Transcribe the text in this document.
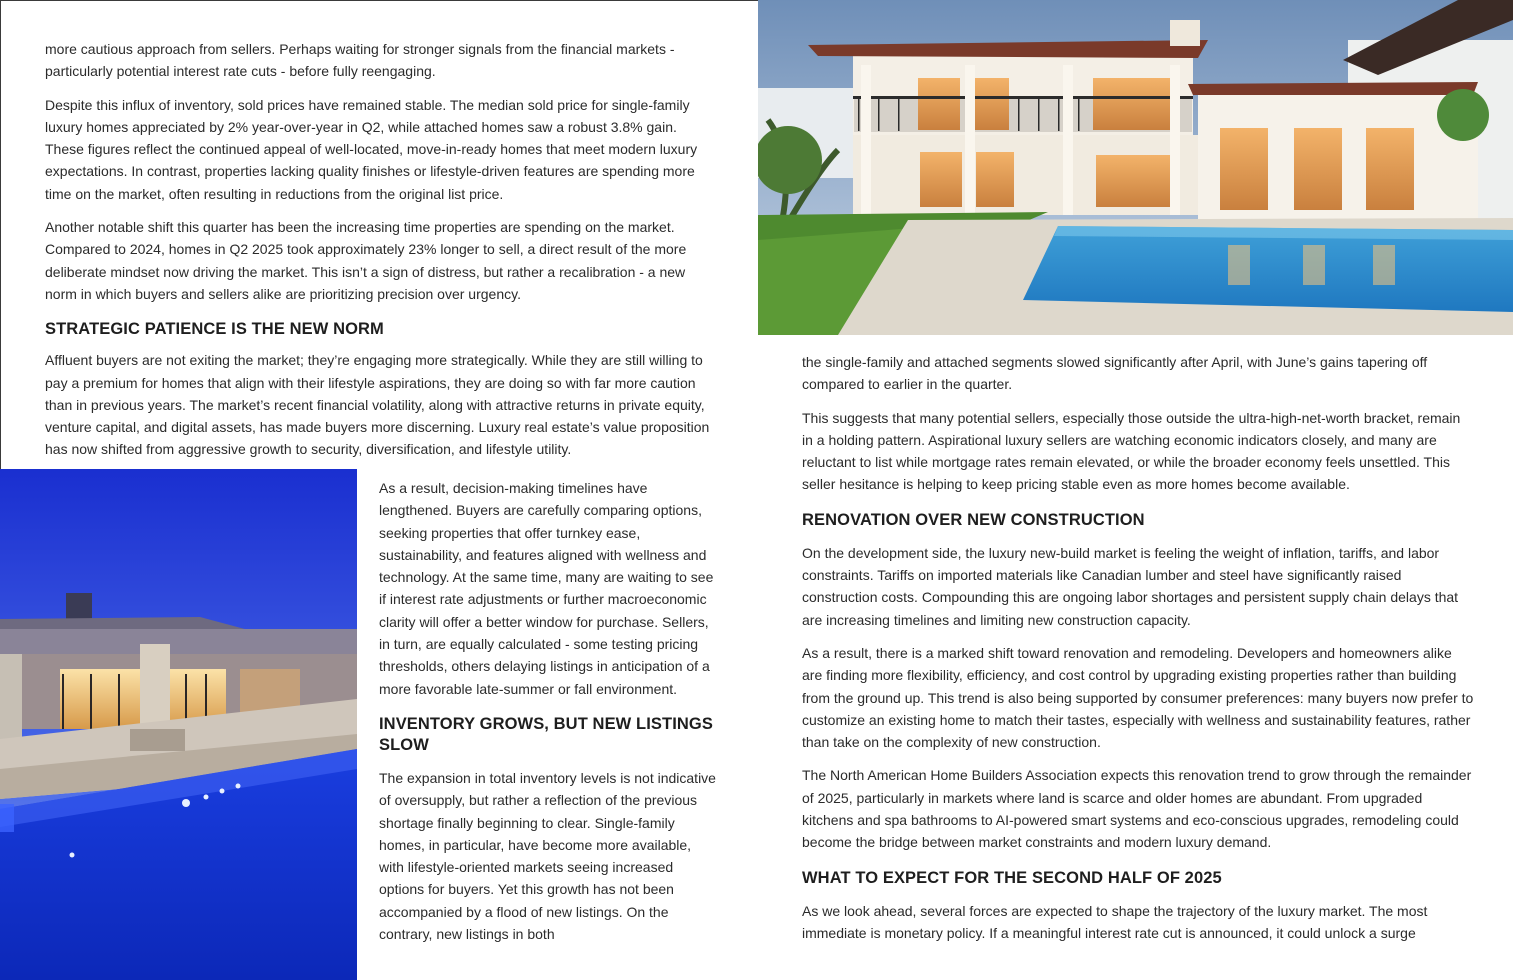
more cautious approach from sellers. Perhaps waiting for stronger signals from the financial markets - particularly potential interest rate cuts - before fully reengaging.

Despite this influx of inventory, sold prices have remained stable. The median sold price for single-family luxury homes appreciated by 2% year-over-year in Q2, while attached homes saw a robust 3.8% gain. These figures reflect the continued appeal of well-located, move-in-ready homes that meet modern luxury expectations. In contrast, properties lacking quality finishes or lifestyle-driven features are spending more time on the market, often resulting in reductions from the original list price.

Another notable shift this quarter has been the increasing time properties are spending on the market. Compared to 2024, homes in Q2 2025 took approximately 23% longer to sell, a direct result of the more deliberate mindset now driving the market. This isn’t a sign of distress, but rather a recalibration - a new norm in which buyers and sellers alike are prioritizing precision over urgency.

STRATEGIC PATIENCE IS THE NEW NORM

Affluent buyers are not exiting the market; they’re engaging more strategically. While they are still willing to pay a premium for homes that align with their lifestyle aspirations, they are doing so with far more caution than in previous years. The market’s recent financial volatility, along with attractive returns in private equity, venture capital, and digital assets, has made buyers more discerning. Luxury real estate’s value proposition has now shifted from aggressive growth to security, diversification, and lifestyle utility.

As a result, decision-making timelines have lengthened. Buyers are carefully comparing options, seeking properties that offer turnkey ease, sustainability, and features aligned with wellness and technology. At the same time, many are waiting to see if interest rate adjustments or further macroeconomic clarity will offer a better window for purchase. Sellers, in turn, are equally calculated - some testing pricing thresholds, others delaying listings in anticipation of a more favorable late-summer or fall environment.

INVENTORY GROWS, BUT NEW LISTINGS SLOW

The expansion in total inventory levels is not indicative of oversupply, but rather a reflection of the previous shortage finally beginning to clear. Single-family homes, in particular, have become more available, with lifestyle-oriented markets seeing increased options for buyers. Yet this growth has not been accompanied by a flood of new listings. On the contrary, new listings in both

the single-family and attached segments slowed significantly after April, with June’s gains tapering off compared to earlier in the quarter.

This suggests that many potential sellers, especially those outside the ultra-high-net-worth bracket, remain in a holding pattern. Aspirational luxury sellers are watching economic indicators closely, and many are reluctant to list while mortgage rates remain elevated, or while the broader economy feels unsettled. This seller hesitance is helping to keep pricing stable even as more homes become available.

RENOVATION OVER NEW CONSTRUCTION

On the development side, the luxury new-build market is feeling the weight of inflation, tariffs, and labor constraints. Tariffs on imported materials like Canadian lumber and steel have significantly raised construction costs. Compounding this are ongoing labor shortages and persistent supply chain delays that are increasing timelines and limiting new construction capacity.

As a result, there is a marked shift toward renovation and remodeling. Developers and homeowners alike are finding more flexibility, efficiency, and cost control by upgrading existing properties rather than building from the ground up. This trend is also being supported by consumer preferences: many buyers now prefer to customize an existing home to match their tastes, especially with wellness and sustainability features, rather than take on the complexity of new construction.

The North American Home Builders Association expects this renovation trend to grow through the remainder of 2025, particularly in markets where land is scarce and older homes are abundant. From upgraded kitchens and spa bathrooms to AI-powered smart systems and eco-conscious upgrades, remodeling could become the bridge between market constraints and modern luxury demand.

WHAT TO EXPECT FOR THE SECOND HALF OF 2025

As we look ahead, several forces are expected to shape the trajectory of the luxury market. The most immediate is monetary policy. If a meaningful interest rate cut is announced, it could unlock a surge
